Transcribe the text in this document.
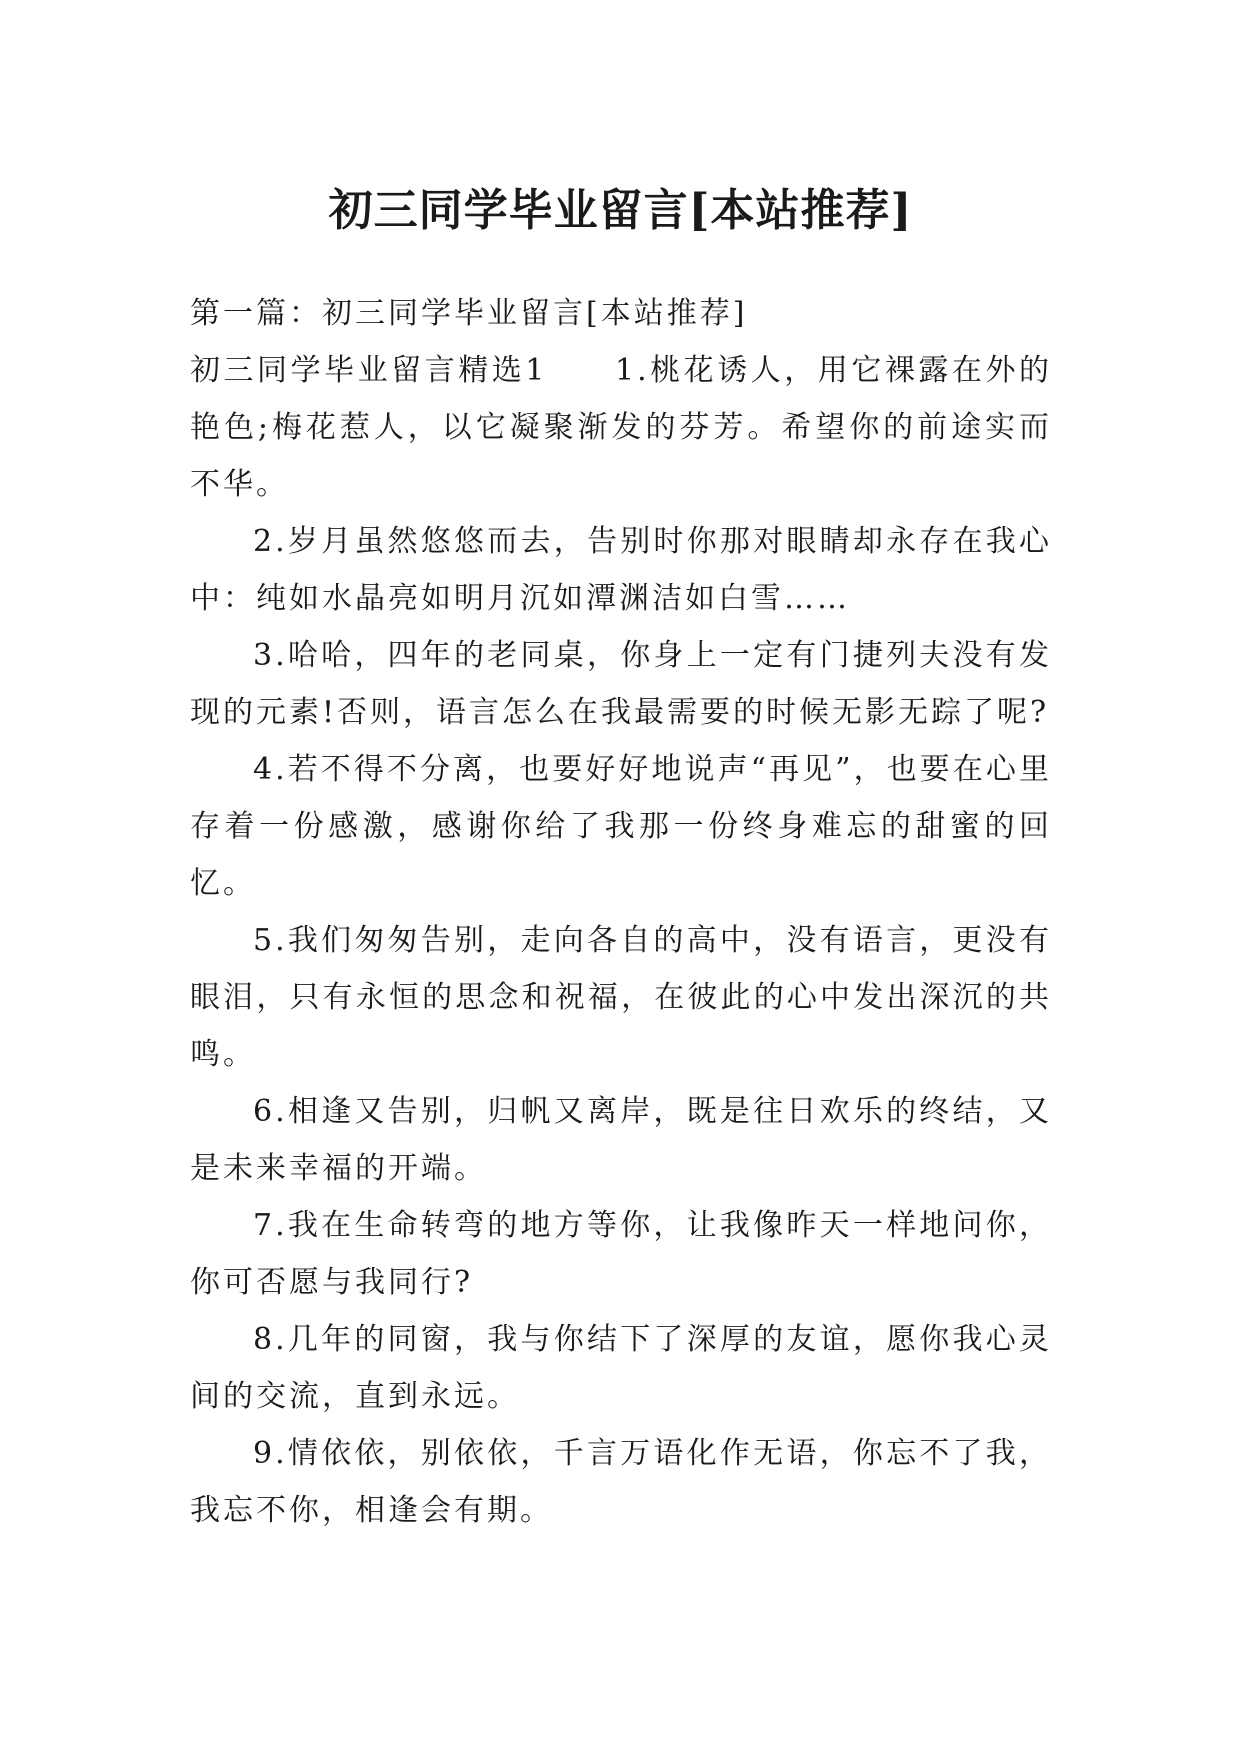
初三同学毕业留言[本站推荐]

第一篇：初三同学毕业留言[本站推荐]

初三同学毕业留言精选1　　1.桃花诱人，用它裸露在外的艳色;梅花惹人，以它凝聚渐发的芬芳。希望你的前途实而不华。

2.岁月虽然悠悠而去，告别时你那对眼睛却永存在我心中：纯如水晶亮如明月沉如潭渊洁如白雪……

3.哈哈，四年的老同桌，你身上一定有门捷列夫没有发现的元素!否则，语言怎么在我最需要的时候无影无踪了呢?

4.若不得不分离，也要好好地说声“再见”，也要在心里存着一份感激，感谢你给了我那一份终身难忘的甜蜜的回忆。

5.我们匆匆告别，走向各自的高中，没有语言，更没有眼泪，只有永恒的思念和祝福，在彼此的心中发出深沉的共鸣。

6.相逢又告别，归帆又离岸，既是往日欢乐的终结，又是未来幸福的开端。

7.我在生命转弯的地方等你，让我像昨天一样地问你，你可否愿与我同行?

8.几年的同窗，我与你结下了深厚的友谊，愿你我心灵间的交流，直到永远。

9.情依依，别依依，千言万语化作无语，你忘不了我，我忘不你，相逢会有期。
